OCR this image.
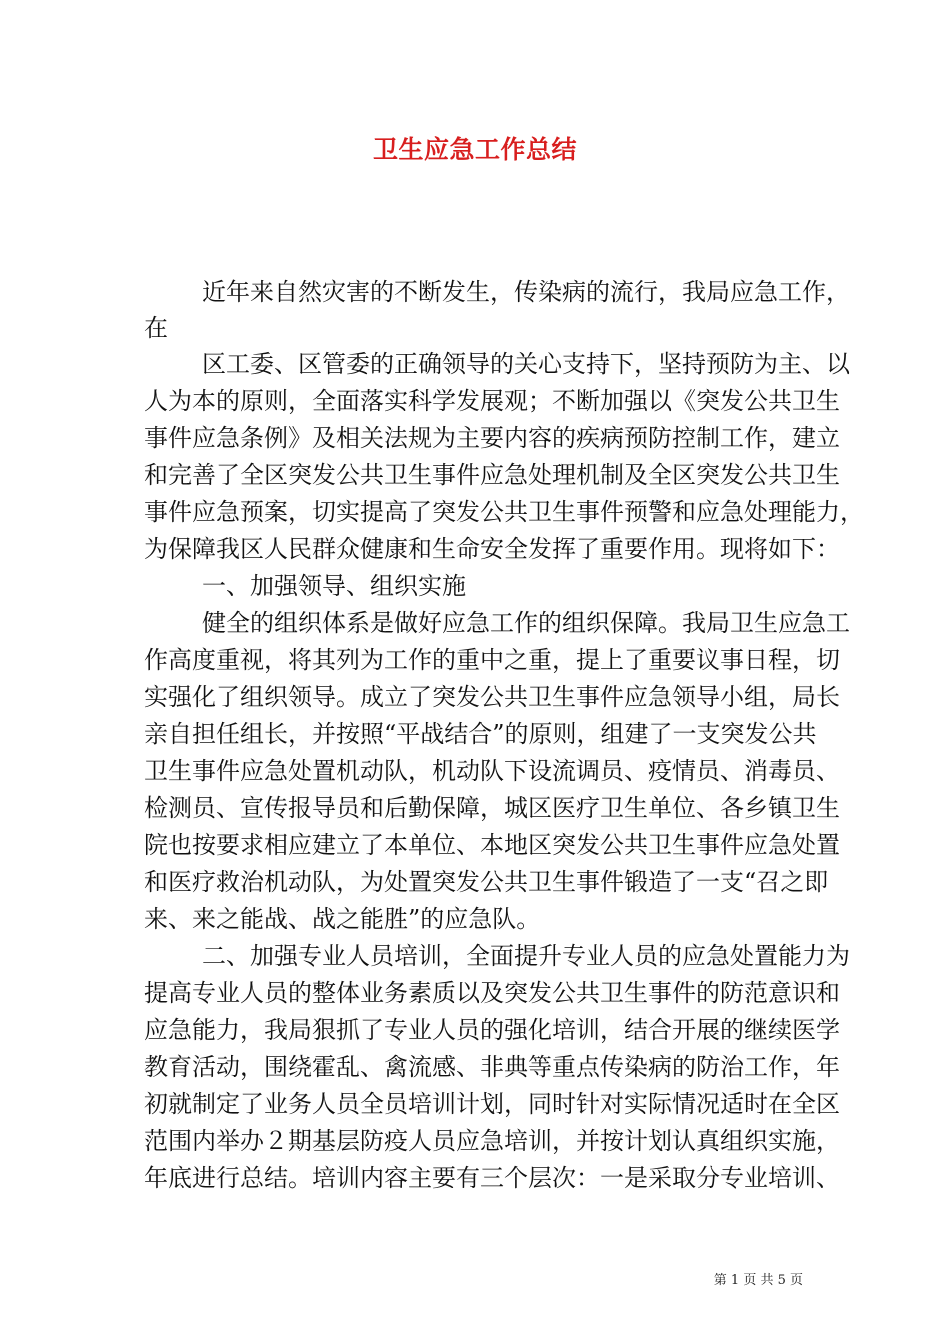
卫生应急工作总结
近年来自然灾害的不断发生，传染病的流行，我局应急工作，
在
区工委、区管委的正确领导的关心支持下，坚持预防为主、以
人为本的原则，全面落实科学发展观；不断加强以《突发公共卫生
事件应急条例》及相关法规为主要内容的疾病预防控制工作，建立
和完善了全区突发公共卫生事件应急处理机制及全区突发公共卫生
事件应急预案，切实提高了突发公共卫生事件预警和应急处理能力，
为保障我区人民群众健康和生命安全发挥了重要作用。现将如下：
一、加强领导、组织实施
健全的组织体系是做好应急工作的组织保障。我局卫生应急工
作高度重视，将其列为工作的重中之重，提上了重要议事日程，切
实强化了组织领导。成立了突发公共卫生事件应急领导小组，局长
亲自担任组长，并按照“平战结合”的原则，组建了一支突发公共
卫生事件应急处置机动队，机动队下设流调员、疫情员、消毒员、
检测员、宣传报导员和后勤保障，城区医疗卫生单位、各乡镇卫生
院也按要求相应建立了本单位、本地区突发公共卫生事件应急处置
和医疗救治机动队，为处置突发公共卫生事件锻造了一支“召之即
来、来之能战、战之能胜”的应急队。
二、加强专业人员培训，全面提升专业人员的应急处置能力为
提高专业人员的整体业务素质以及突发公共卫生事件的防范意识和
应急能力，我局狠抓了专业人员的强化培训，结合开展的继续医学
教育活动，围绕霍乱、禽流感、非典等重点传染病的防治工作，年
初就制定了业务人员全员培训计划，同时针对实际情况适时在全区
范围内举办２期基层防疫人员应急培训，并按计划认真组织实施，
年底进行总结。培训内容主要有三个层次：一是采取分专业培训、
第 1 页 共 5 页
